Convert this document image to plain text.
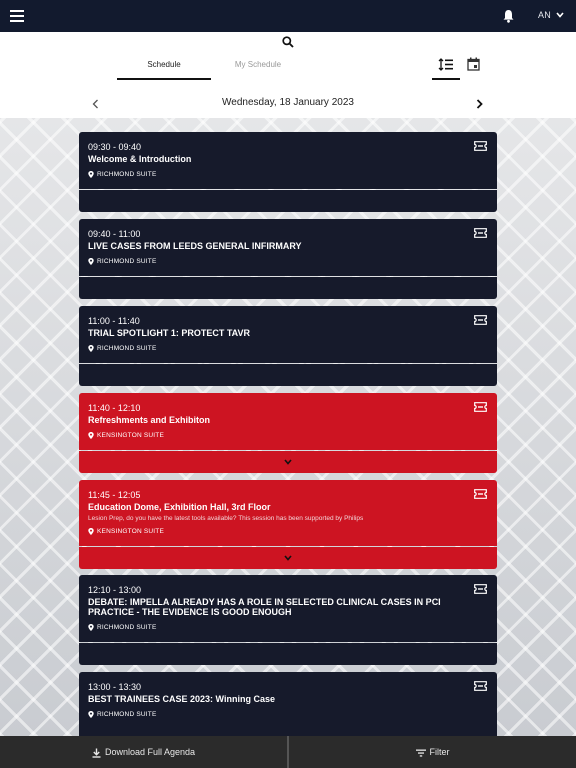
AN
Schedule	My Schedule
Wednesday, 18 January 2023
09:30 - 09:40
Welcome & Introduction
RICHMOND SUITE
09:40 - 11:00
LIVE CASES FROM LEEDS GENERAL INFIRMARY
RICHMOND SUITE
11:00 - 11:40
TRIAL SPOTLIGHT 1: PROTECT TAVR
RICHMOND SUITE
11:40 - 12:10
Refreshments and Exhibiton
KENSINGTON SUITE
11:45 - 12:05
Education Dome, Exhibition Hall, 3rd Floor
Lesion Prep, do you have the latest tools available? This session has been supported by Philips
KENSINGTON SUITE
12:10 - 13:00
DEBATE: IMPELLA ALREADY HAS A ROLE IN SELECTED CLINICAL CASES IN PCI PRACTICE - THE EVIDENCE IS GOOD ENOUGH
RICHMOND SUITE
13:00 - 13:30
BEST TRAINEES CASE 2023: Winning Case
RICHMOND SUITE
Download Full Agenda	Filter
